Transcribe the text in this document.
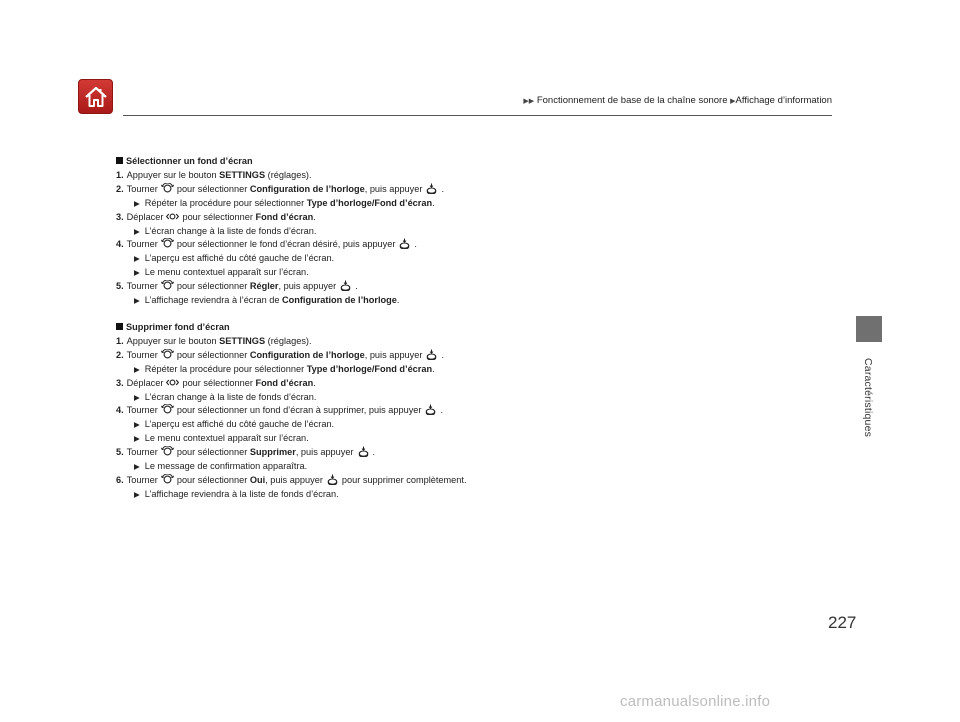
▶▶ Fonctionnement de base de la chaîne sonore ▶Affichage d’information
Caractéristiques
Sélectionner un fond d’écran
1. Appuyer sur le bouton SETTINGS (réglages).
2. Tourner pour sélectionner Configuration de l’horloge, puis appuyer .
▶ Répéter la procédure pour sélectionner Type d’horloge/Fond d’écran.
3. Déplacer pour sélectionner Fond d’écran.
▶ L’écran change à la liste de fonds d’écran.
4. Tourner pour sélectionner le fond d’écran désiré, puis appuyer .
▶ L’aperçu est affiché du côté gauche de l’écran.
▶ Le menu contextuel apparaît sur l’écran.
5. Tourner pour sélectionner Régler, puis appuyer .
▶ L’affichage reviendra à l’écran de Configuration de l’horloge.
Supprimer fond d’écran
1. Appuyer sur le bouton SETTINGS (réglages).
2. Tourner pour sélectionner Configuration de l’horloge, puis appuyer .
▶ Répéter la procédure pour sélectionner Type d’horloge/Fond d’écran.
3. Déplacer pour sélectionner Fond d’écran.
▶ L’écran change à la liste de fonds d’écran.
4. Tourner pour sélectionner un fond d’écran à supprimer, puis appuyer .
▶ L’aperçu est affiché du côté gauche de l’écran.
▶ Le menu contextuel apparaît sur l’écran.
5. Tourner pour sélectionner Supprimer, puis appuyer .
▶ Le message de confirmation apparaîtra.
6. Tourner pour sélectionner Oui, puis appuyer pour supprimer complètement.
▶ L’affichage reviendra à la liste de fonds d’écran.
227
carmanualsonline.info
